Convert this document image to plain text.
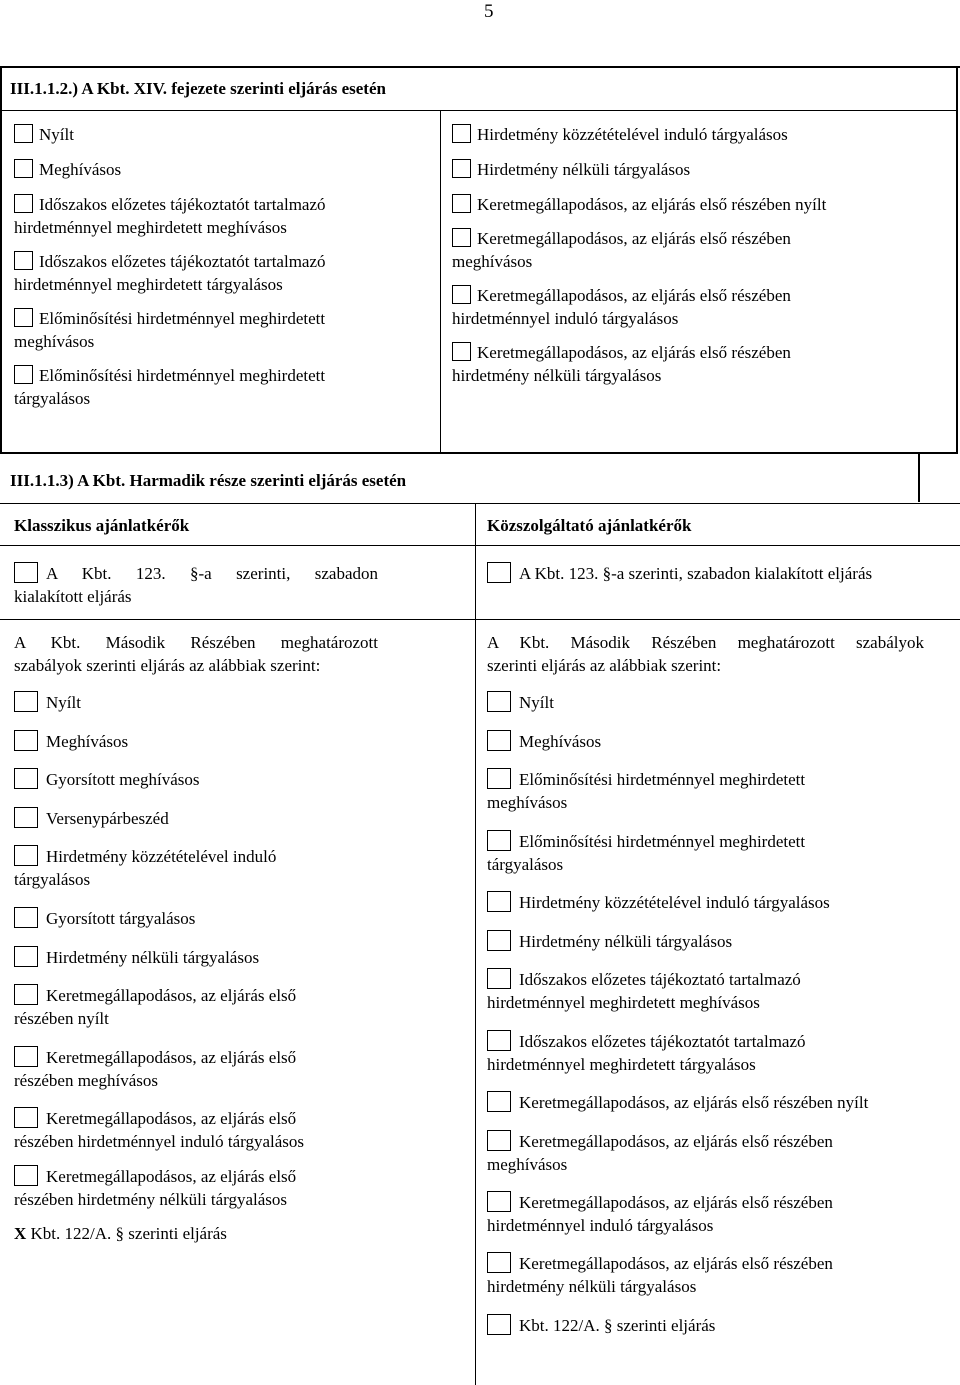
5
III.1.1.2.) A Kbt. XIV. fejezete szerinti eljárás esetén
Nyílt
Meghívásos
Időszakos előzetes tájékoztatót tartalmazó
hirdetménnyel meghirdetett meghívásos
Időszakos előzetes tájékoztatót tartalmazó
hirdetménnyel meghirdetett tárgyalásos
Előminősítési hirdetménnyel meghirdetett
meghívásos
Előminősítési hirdetménnyel meghirdetett
tárgyalásos
Hirdetmény közzétételével induló tárgyalásos
Hirdetmény nélküli tárgyalásos
Keretmegállapodásos, az eljárás első részében nyílt
Keretmegállapodásos, az eljárás első részében
meghívásos
Keretmegállapodásos, az eljárás első részében
hirdetménnyel induló tárgyalásos
Keretmegállapodásos, az eljárás első részében
hirdetmény nélküli tárgyalásos
III.1.1.3) A Kbt. Harmadik része szerinti eljárás esetén
Klasszikus ajánlatkérők	Közszolgáltató ajánlatkérők
A Kbt. 123. §-a szerinti, szabadon
kialakított eljárás
A Kbt. 123. §-a szerinti, szabadon kialakított eljárás
A Kbt. Második Részében meghatározott
szabályok szerinti eljárás az alábbiak szerint:
A Kbt. Második Részében meghatározott szabályok
szerinti eljárás az alábbiak szerint:
Nyílt
Meghívásos
Gyorsított meghívásos
Versenypárbeszéd
Hirdetmény közzétételével induló
tárgyalásos
Gyorsított tárgyalásos
Hirdetmény nélküli tárgyalásos
Keretmegállapodásos, az eljárás első
részében nyílt
Keretmegállapodásos, az eljárás első
részében meghívásos
Keretmegállapodásos, az eljárás első
részében hirdetménnyel induló tárgyalásos
Keretmegállapodásos, az eljárás első
részében hirdetmény nélküli tárgyalásos
Nyílt
Meghívásos
Előminősítési hirdetménnyel meghirdetett
meghívásos
Előminősítési hirdetménnyel meghirdetett
tárgyalásos
Hirdetmény közzétételével induló tárgyalásos
Hirdetmény nélküli tárgyalásos
Időszakos előzetes tájékoztató tartalmazó
hirdetménnyel meghirdetett meghívásos
Időszakos előzetes tájékoztatót tartalmazó
hirdetménnyel meghirdetett tárgyalásos
Keretmegállapodásos, az eljárás első részében nyílt
Keretmegállapodásos, az eljárás első részében
meghívásos
Keretmegállapodásos, az eljárás első részében
hirdetménnyel induló tárgyalásos
Keretmegállapodásos, az eljárás első részében
hirdetmény nélküli tárgyalásos
Kbt. 122/A. § szerinti eljárás
X Kbt. 122/A. § szerinti eljárás
